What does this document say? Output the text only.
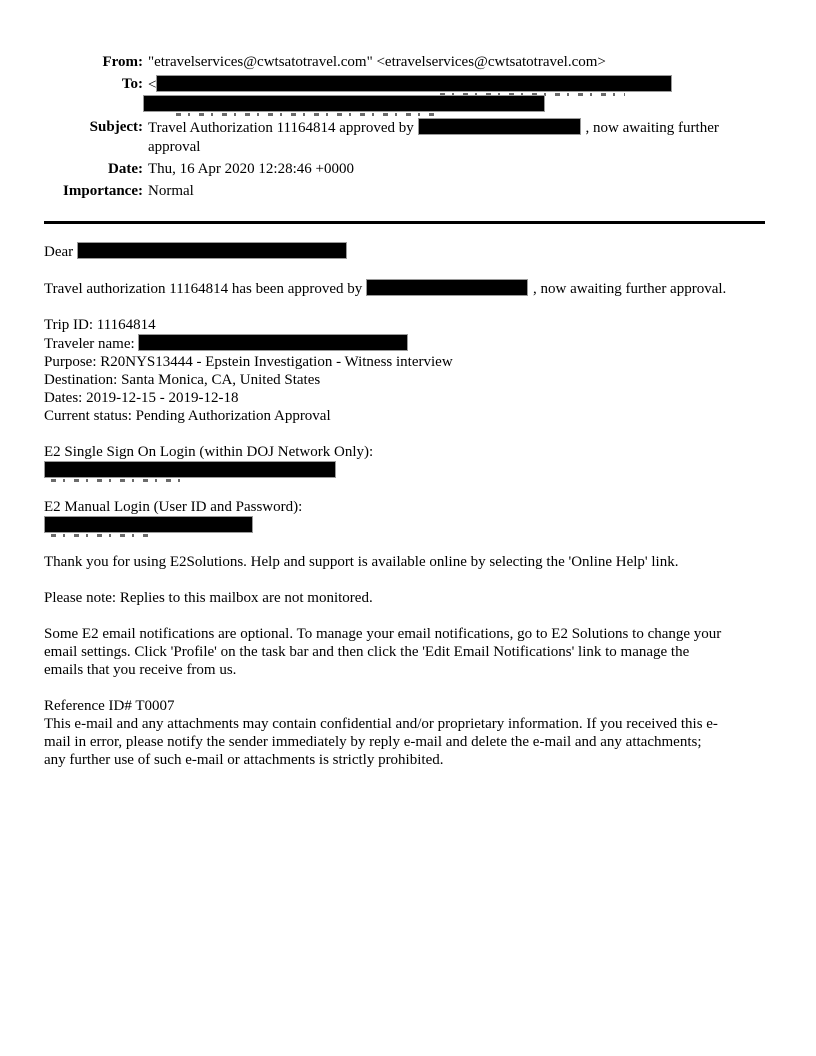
From: "etravelservices@cwtsatotravel.com" <etravelservices@cwtsatotravel.com>
To: <
Subject: Travel Authorization 11164814 approved by	, now awaiting further
approval
Date: Thu, 16 Apr 2020 12:28:46 +0000
Importance: Normal
Dear
Travel authorization 11164814 has been approved by	, now awaiting further approval.
Trip ID: 11164814
Traveler name:
Purpose: R20NYS13444 - Epstein Investigation - Witness interview
Destination: Santa Monica, CA, United States
Dates: 2019-12-15 - 2019-12-18
Current status: Pending Authorization Approval
E2 Single Sign On Login (within DOJ Network Only):
E2 Manual Login (User ID and Password):
Thank you for using E2Solutions. Help and support is available online by selecting the 'Online Help' link.
Please note: Replies to this mailbox are not monitored.
Some E2 email notifications are optional. To manage your email notifications, go to E2 Solutions to change your
email settings. Click 'Profile' on the task bar and then click the 'Edit Email Notifications' link to manage the
emails that you receive from us.
Reference ID# T0007
This e-mail and any attachments may contain confidential and/or proprietary information. If you received this e-
mail in error, please notify the sender immediately by reply e-mail and delete the e-mail and any attachments;
any further use of such e-mail or attachments is strictly prohibited.
